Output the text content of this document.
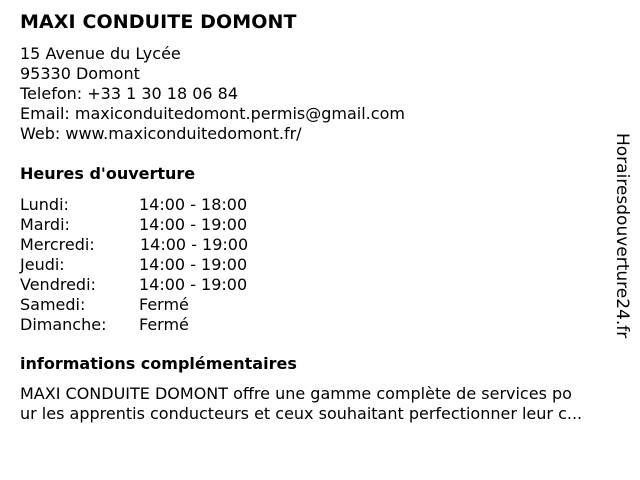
MAXI CONDUITE DOMONT
15 Avenue du Lycée
95330 Domont
Telefon: +33 1 30 18 06 84
Email: maxiconduitedomont.permis@gmail.com
Web: www.maxiconduitedomont.fr/
Heures d'ouverture
Lundi:	14:00 - 18:00
Mardi:	14:00 - 19:00
Mercredi:	14:00 - 19:00
Jeudi:	14:00 - 19:00
Vendredi:	14:00 - 19:00
Samedi:	Fermé
Dimanche: Fermé
informations complémentaires
MAXI CONDUITE DOMONT offre une gamme complète de services po
ur les apprentis conducteurs et ceux souhaitant perfectionner leur c...
Horairesdouverture24.fr
